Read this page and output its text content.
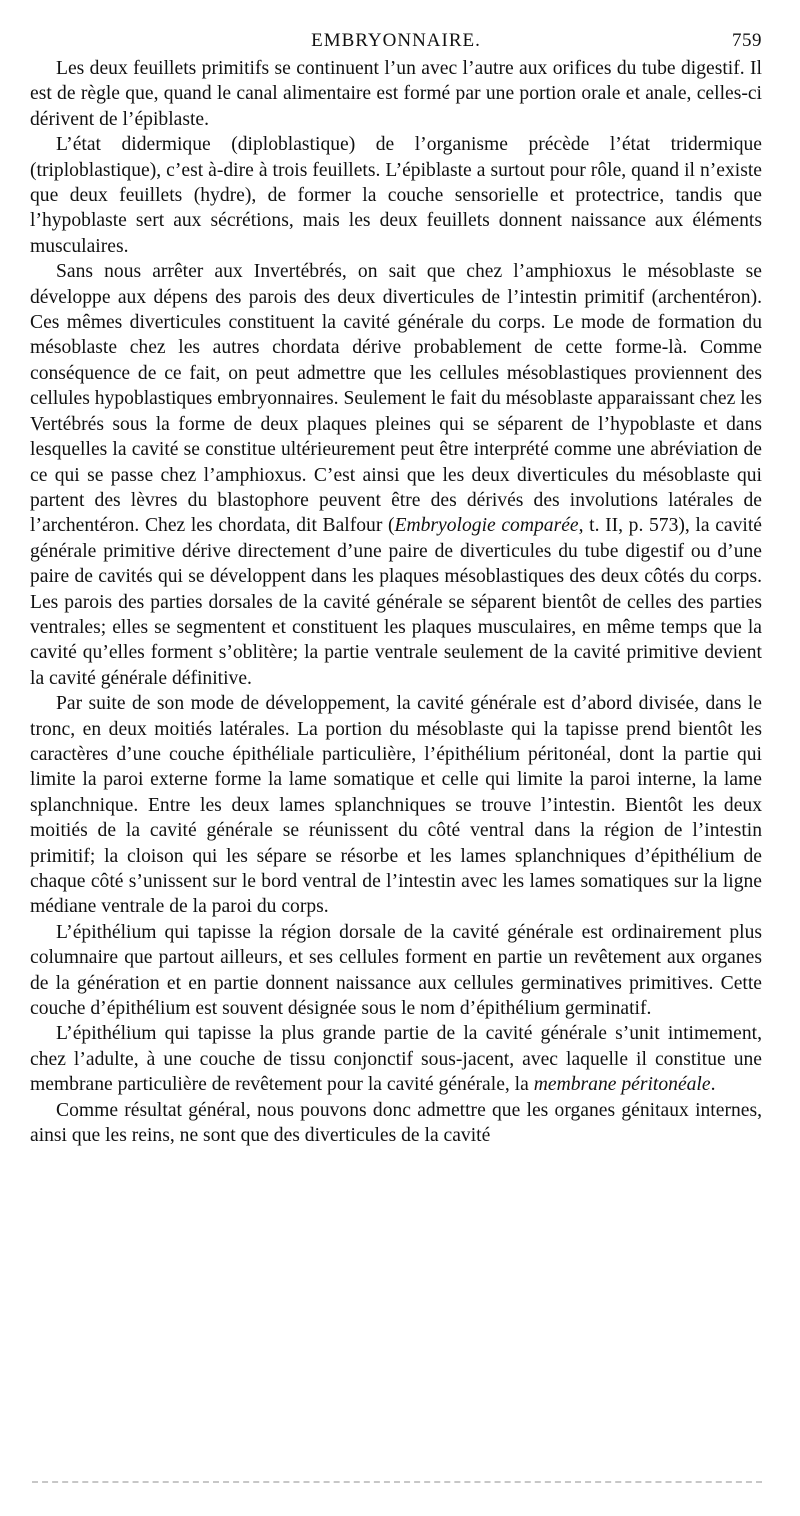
EMBRYONNAIRE.	759

Les deux feuillets primitifs se continuent l’un avec l’autre aux orifices du tube digestif. Il est de règle que, quand le canal alimentaire est formé par une portion orale et anale, celles-ci dérivent de l’épiblaste.

L’état didermique (diploblastique) de l’organisme précède l’état tridermique (triploblastique), c’est à-dire à trois feuillets. L’épiblaste a surtout pour rôle, quand il n’existe que deux feuillets (hydre), de former la couche sensorielle et protectrice, tandis que l’hypoblaste sert aux sécrétions, mais les deux feuillets donnent naissance aux éléments musculaires.

Sans nous arrêter aux Invertébrés, on sait que chez l’amphioxus le mésoblaste se développe aux dépens des parois des deux diverticules de l’intestin primitif (archentéron). Ces mêmes diverticules constituent la cavité générale du corps. Le mode de formation du mésoblaste chez les autres chordata dérive probablement de cette forme-là. Comme conséquence de ce fait, on peut admettre que les cellules mésoblastiques proviennent des cellules hypoblastiques embryonnaires. Seulement le fait du mésoblaste apparaissant chez les Vertébrés sous la forme de deux plaques pleines qui se séparent de l’hypoblaste et dans lesquelles la cavité se constitue ultérieurement peut être interprété comme une abréviation de ce qui se passe chez l’amphioxus. C’est ainsi que les deux diverticules du mésoblaste qui partent des lèvres du blastophore peuvent être des dérivés des involutions latérales de l’archentéron. Chez les chordata, dit Balfour (Embryologie comparée, t. II, p. 573), la cavité générale primitive dérive directement d’une paire de diverticules du tube digestif ou d’une paire de cavités qui se développent dans les plaques mésoblastiques des deux côtés du corps. Les parois des parties dorsales de la cavité générale se séparent bientôt de celles des parties ventrales; elles se segmentent et constituent les plaques musculaires, en même temps que la cavité qu’elles forment s’oblitère; la partie ventrale seulement de la cavité primitive devient la cavité générale définitive.

Par suite de son mode de développement, la cavité générale est d’abord divisée, dans le tronc, en deux moitiés latérales. La portion du mésoblaste qui la tapisse prend bientôt les caractères d’une couche épithéliale particulière, l’épithélium péritonéal, dont la partie qui limite la paroi externe forme la lame somatique et celle qui limite la paroi interne, la lame splanchnique. Entre les deux lames splanchniques se trouve l’intestin. Bientôt les deux moitiés de la cavité générale se réunissent du côté ventral dans la région de l’intestin primitif; la cloison qui les sépare se résorbe et les lames splanchniques d’épithélium de chaque côté s’unissent sur le bord ventral de l’intestin avec les lames somatiques sur la ligne médiane ventrale de la paroi du corps.

L’épithélium qui tapisse la région dorsale de la cavité générale est ordinairement plus columnaire que partout ailleurs, et ses cellules forment en partie un revêtement aux organes de la génération et en partie donnent naissance aux cellules germinatives primitives. Cette couche d’épithélium est souvent désignée sous le nom d’épithélium germinatif.

L’épithélium qui tapisse la plus grande partie de la cavité générale s’unit intimement, chez l’adulte, à une couche de tissu conjonctif sous-jacent, avec laquelle il constitue une membrane particulière de revêtement pour la cavité générale, la membrane péritonéale.

Comme résultat général, nous pouvons donc admettre que les organes génitaux internes, ainsi que les reins, ne sont que des diverticules de la cavité
